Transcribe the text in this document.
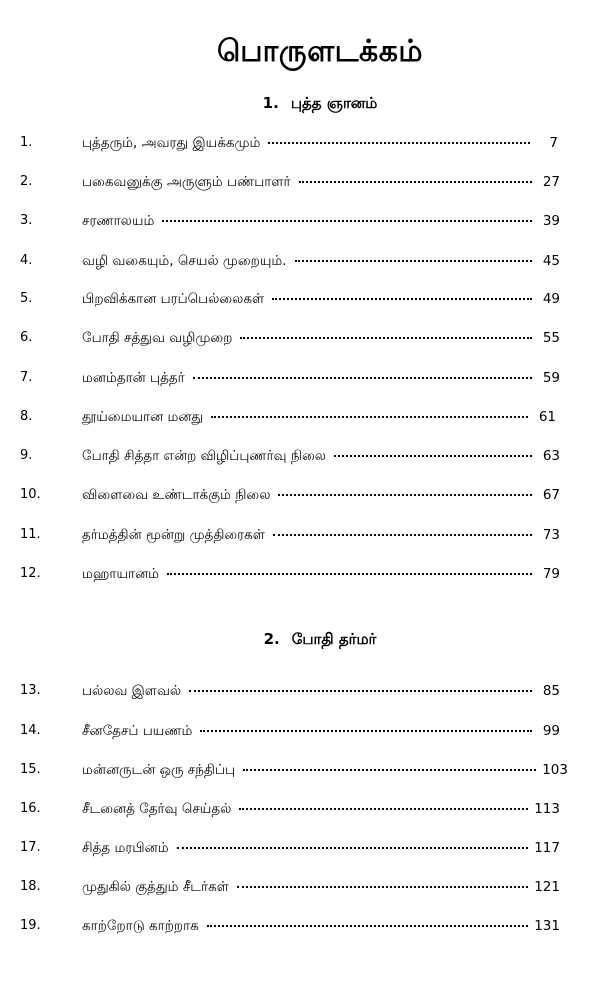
பொருளடக்கம்
1. புத்த ஞானம்
1.	புத்தரும், அவரது இயக்கமும்	7
2.	பகைவனுக்கு அருளும் பண்பாளர்	27
3.	சரணாலயம்	39
4.	வழி வகையும், செயல் முறையும்.	45
5.	பிறவிக்கான பரப்பெல்லைகள்	49
6.	போதி சத்துவ வழிமுறை	55
7.	மனம்தான் புத்தர்	59
8.	தூய்மையான மனது	61
9.	போதி சித்தா என்ற விழிப்புணர்வு நிலை	63
10.	விளைவை உண்டாக்கும் நிலை	67
11.	தர்மத்தின் மூன்று முத்திரைகள்	73
12.	மஹாயானம்	79
2. போதி தர்மர்
13.	பல்லவ இளவல்	85
14.	சீனதேசப் பயணம்	99
15.	மன்னருடன் ஒரு சந்திப்பு	103
16.	சீடனைத் தேர்வு செய்தல்	113
17.	சித்த மரபினம்	117
18.	முதுகில் குத்தும் சீடர்கள்	121
19.	காற்றோடு காற்றாக	131
